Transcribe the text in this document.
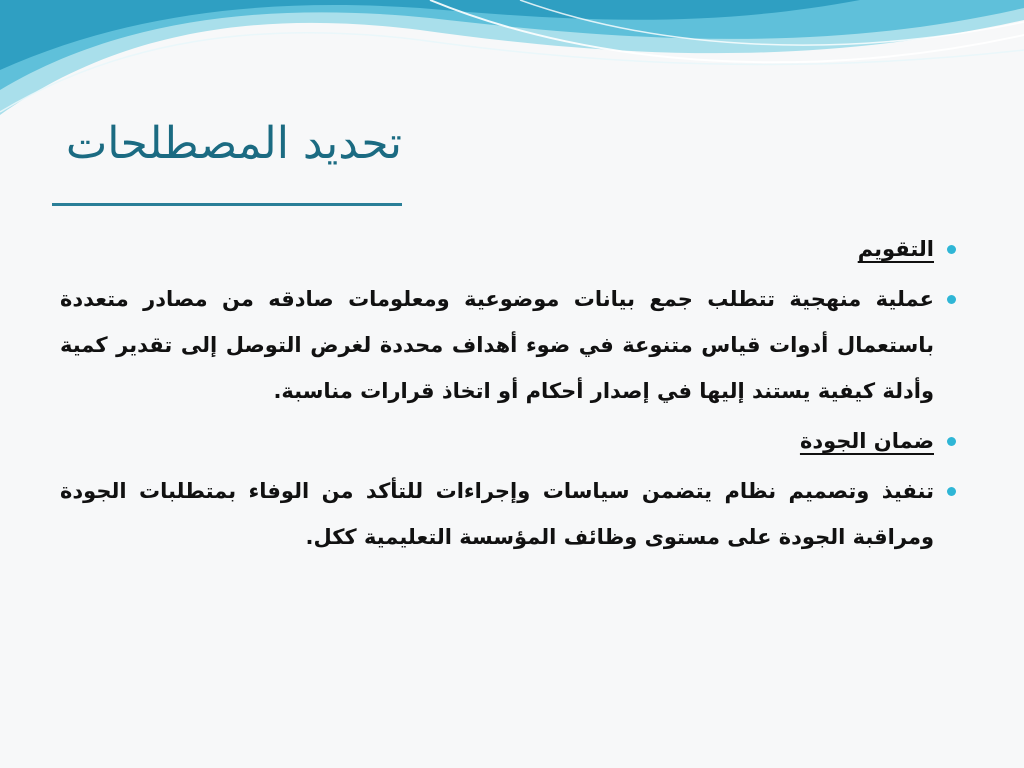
تحديد المصطلحات
التقويم
عملية منهجية تتطلب جمع بيانات موضوعية ومعلومات صادقه من مصادر متعددة باستعمال أدوات قياس متنوعة في ضوء أهداف محددة لغرض التوصل إلى تقدير كمية وأدلة كيفية يستند إليها في إصدار أحكام أو اتخاذ قرارات مناسبة.
ضمان الجودة
تنفيذ وتصميم نظام يتضمن سياسات وإجراءات للتأكد من الوفاء بمتطلبات الجودة ومراقبة الجودة على مستوى وظائف المؤسسة التعليمية ككل.
